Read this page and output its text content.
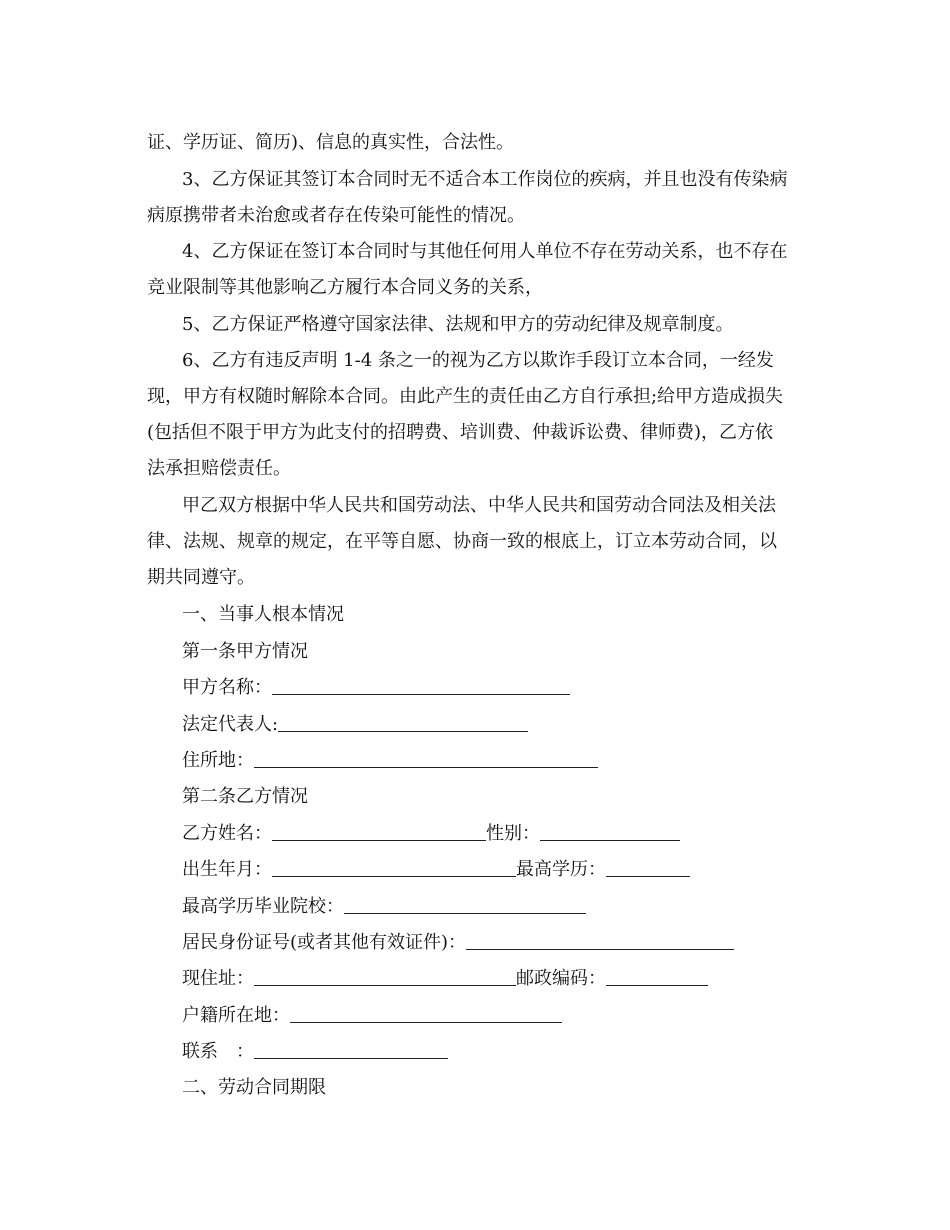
证、学历证、简历)、信息的真实性，合法性。
3、乙方保证其签订本合同时无不适合本工作岗位的疾病，并且也没有传染病
病原携带者未治愈或者存在传染可能性的情况。
4、乙方保证在签订本合同时与其他任何用人单位不存在劳动关系，也不存在
竞业限制等其他影响乙方履行本合同义务的关系，
5、乙方保证严格遵守国家法律、法规和甲方的劳动纪律及规章制度。
6、乙方有违反声明 1-4 条之一的视为乙方以欺诈手段订立本合同，一经发
现，甲方有权随时解除本合同。由此产生的责任由乙方自行承担;给甲方造成损失
(包括但不限于甲方为此支付的招聘费、培训费、仲裁诉讼费、律师费)，乙方依
法承担赔偿责任。
甲乙双方根据中华人民共和国劳动法、中华人民共和国劳动合同法及相关法
律、法规、规章的规定，在平等自愿、协商一致的根底上，订立本劳动合同，以
期共同遵守。
一、当事人根本情况
第一条甲方情况
甲方名称：
法定代表人:
住所地：
第二条乙方情况
乙方姓名：	性别：
出生年月：	最高学历：
最高学历毕业院校：
居民身份证号(或者其他有效证件)：
现住址：	邮政编码：
户籍所在地：
联系　：
二、劳动合同期限
